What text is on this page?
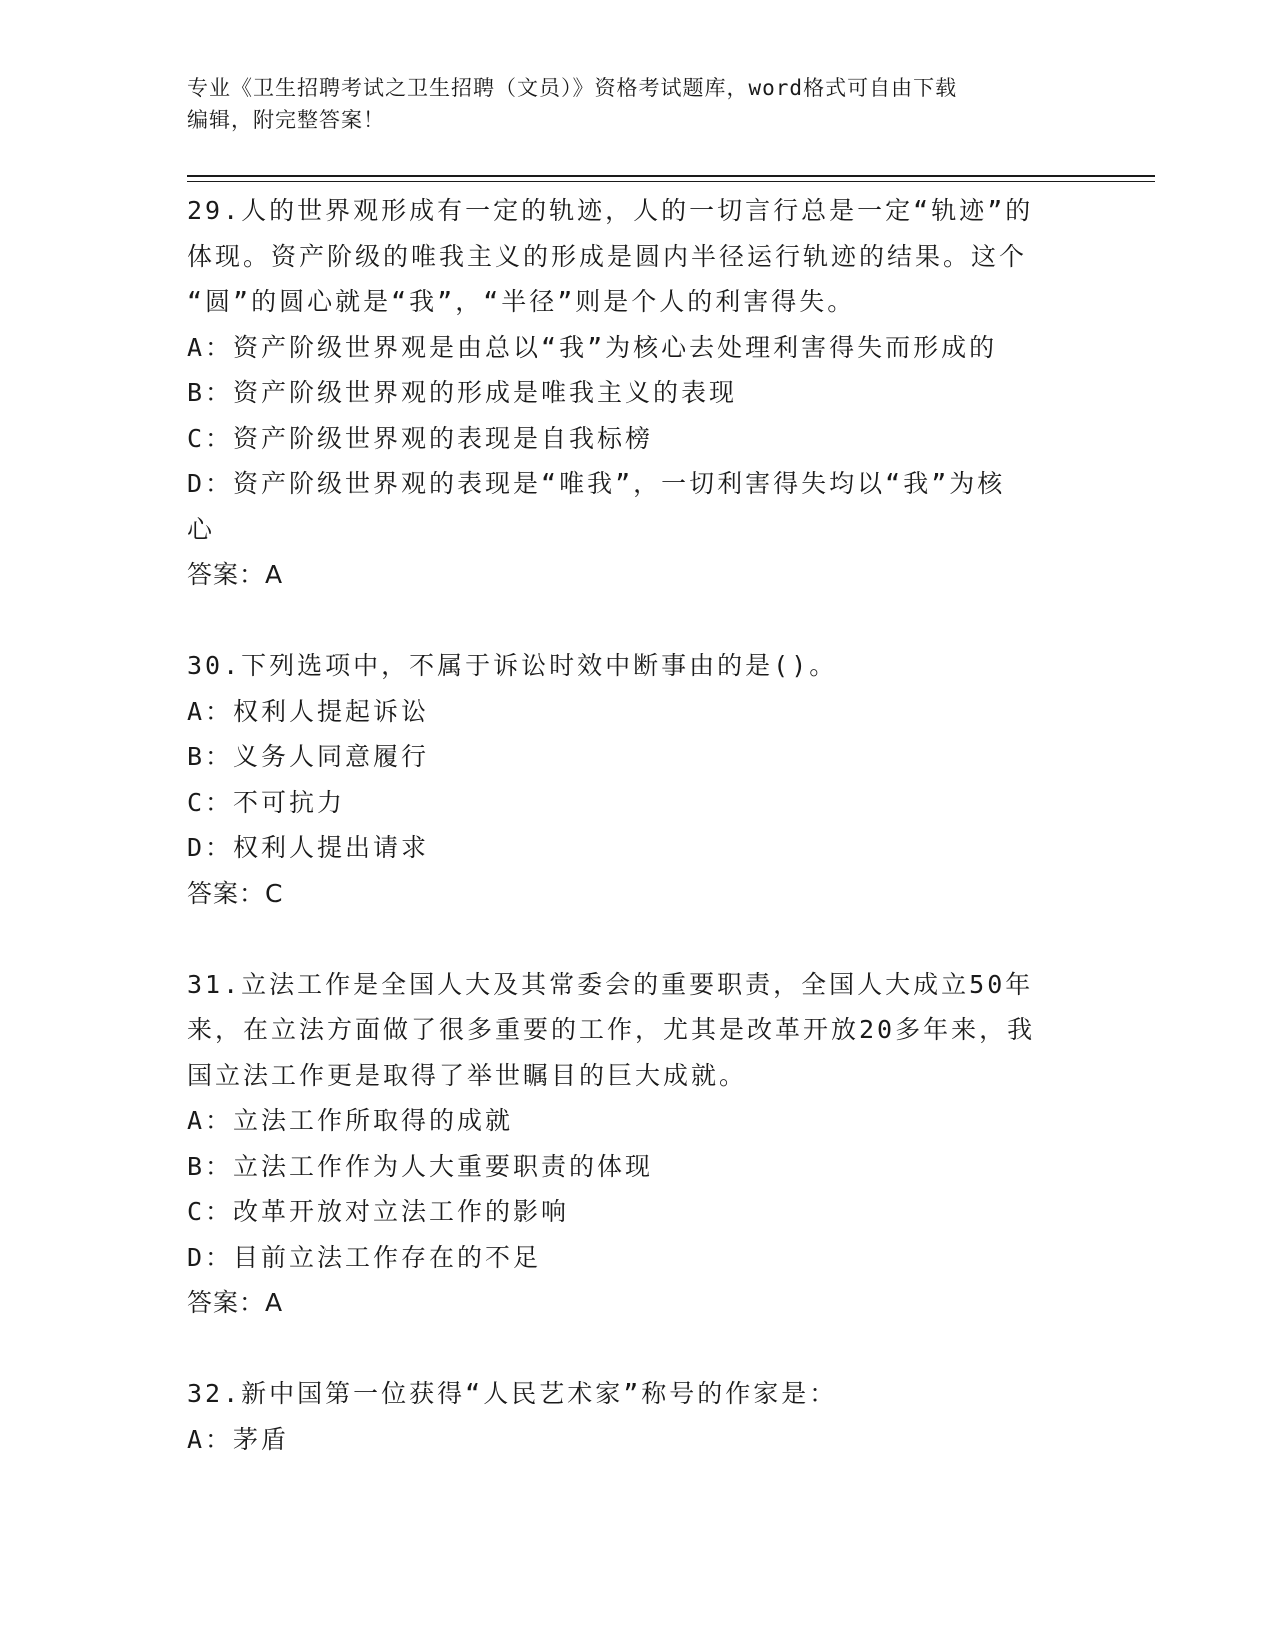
专业《卫生招聘考试之卫生招聘（文员）》资格考试题库，word格式可自由下载
编辑，附完整答案！
29.人的世界观形成有一定的轨迹，人的一切言行总是一定“轨迹”的
体现。资产阶级的唯我主义的形成是圆内半径运行轨迹的结果。这个
“圆”的圆心就是“我”，“半径”则是个人的利害得失。
A：资产阶级世界观是由总以“我”为核心去处理利害得失而形成的
B：资产阶级世界观的形成是唯我主义的表现
C：资产阶级世界观的表现是自我标榜
D：资产阶级世界观的表现是“唯我”，一切利害得失均以“我”为核
心
答案：A
30.下列选项中，不属于诉讼时效中断事由的是()。
A：权利人提起诉讼
B：义务人同意履行
C：不可抗力
D：权利人提出请求
答案：C
31.立法工作是全国人大及其常委会的重要职责，全国人大成立50年
来，在立法方面做了很多重要的工作，尤其是改革开放20多年来，我
国立法工作更是取得了举世瞩目的巨大成就。
A：立法工作所取得的成就
B：立法工作作为人大重要职责的体现
C：改革开放对立法工作的影响
D：目前立法工作存在的不足
答案：A
32.新中国第一位获得“人民艺术家”称号的作家是：
A：茅盾
